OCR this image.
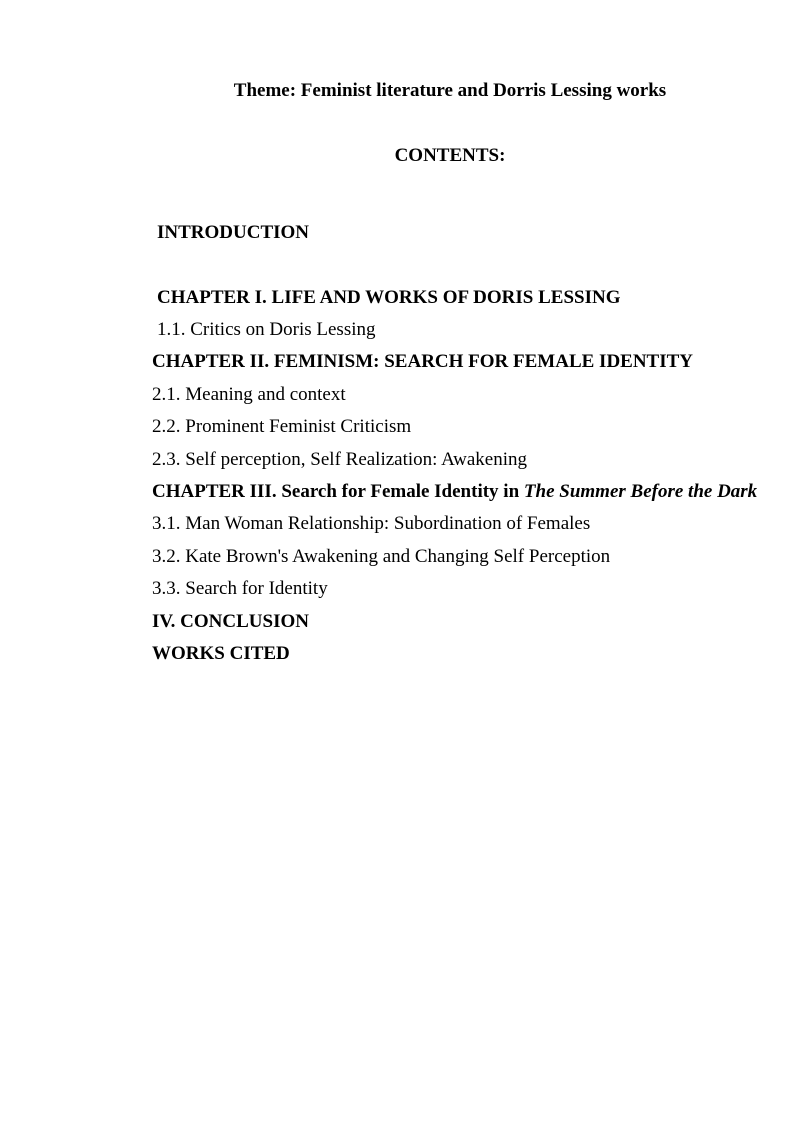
Theme: Feminist literature and Dorris Lessing works
CONTENTS:
INTRODUCTION
CHAPTER I. LIFE AND WORKS OF DORIS LESSING
1.1. Critics on Doris Lessing
CHAPTER II. FEMINISM: SEARCH FOR FEMALE IDENTITY
2.1. Meaning and context
2.2. Prominent Feminist Criticism
2.3. Self perception, Self Realization: Awakening
CHAPTER III. Search for Female Identity in The Summer Before the Dark
3.1. Man Woman Relationship: Subordination of Females
3.2. Kate Brown's Awakening and Changing Self Perception
3.3. Search for Identity
IV. CONCLUSION
WORKS CITED
